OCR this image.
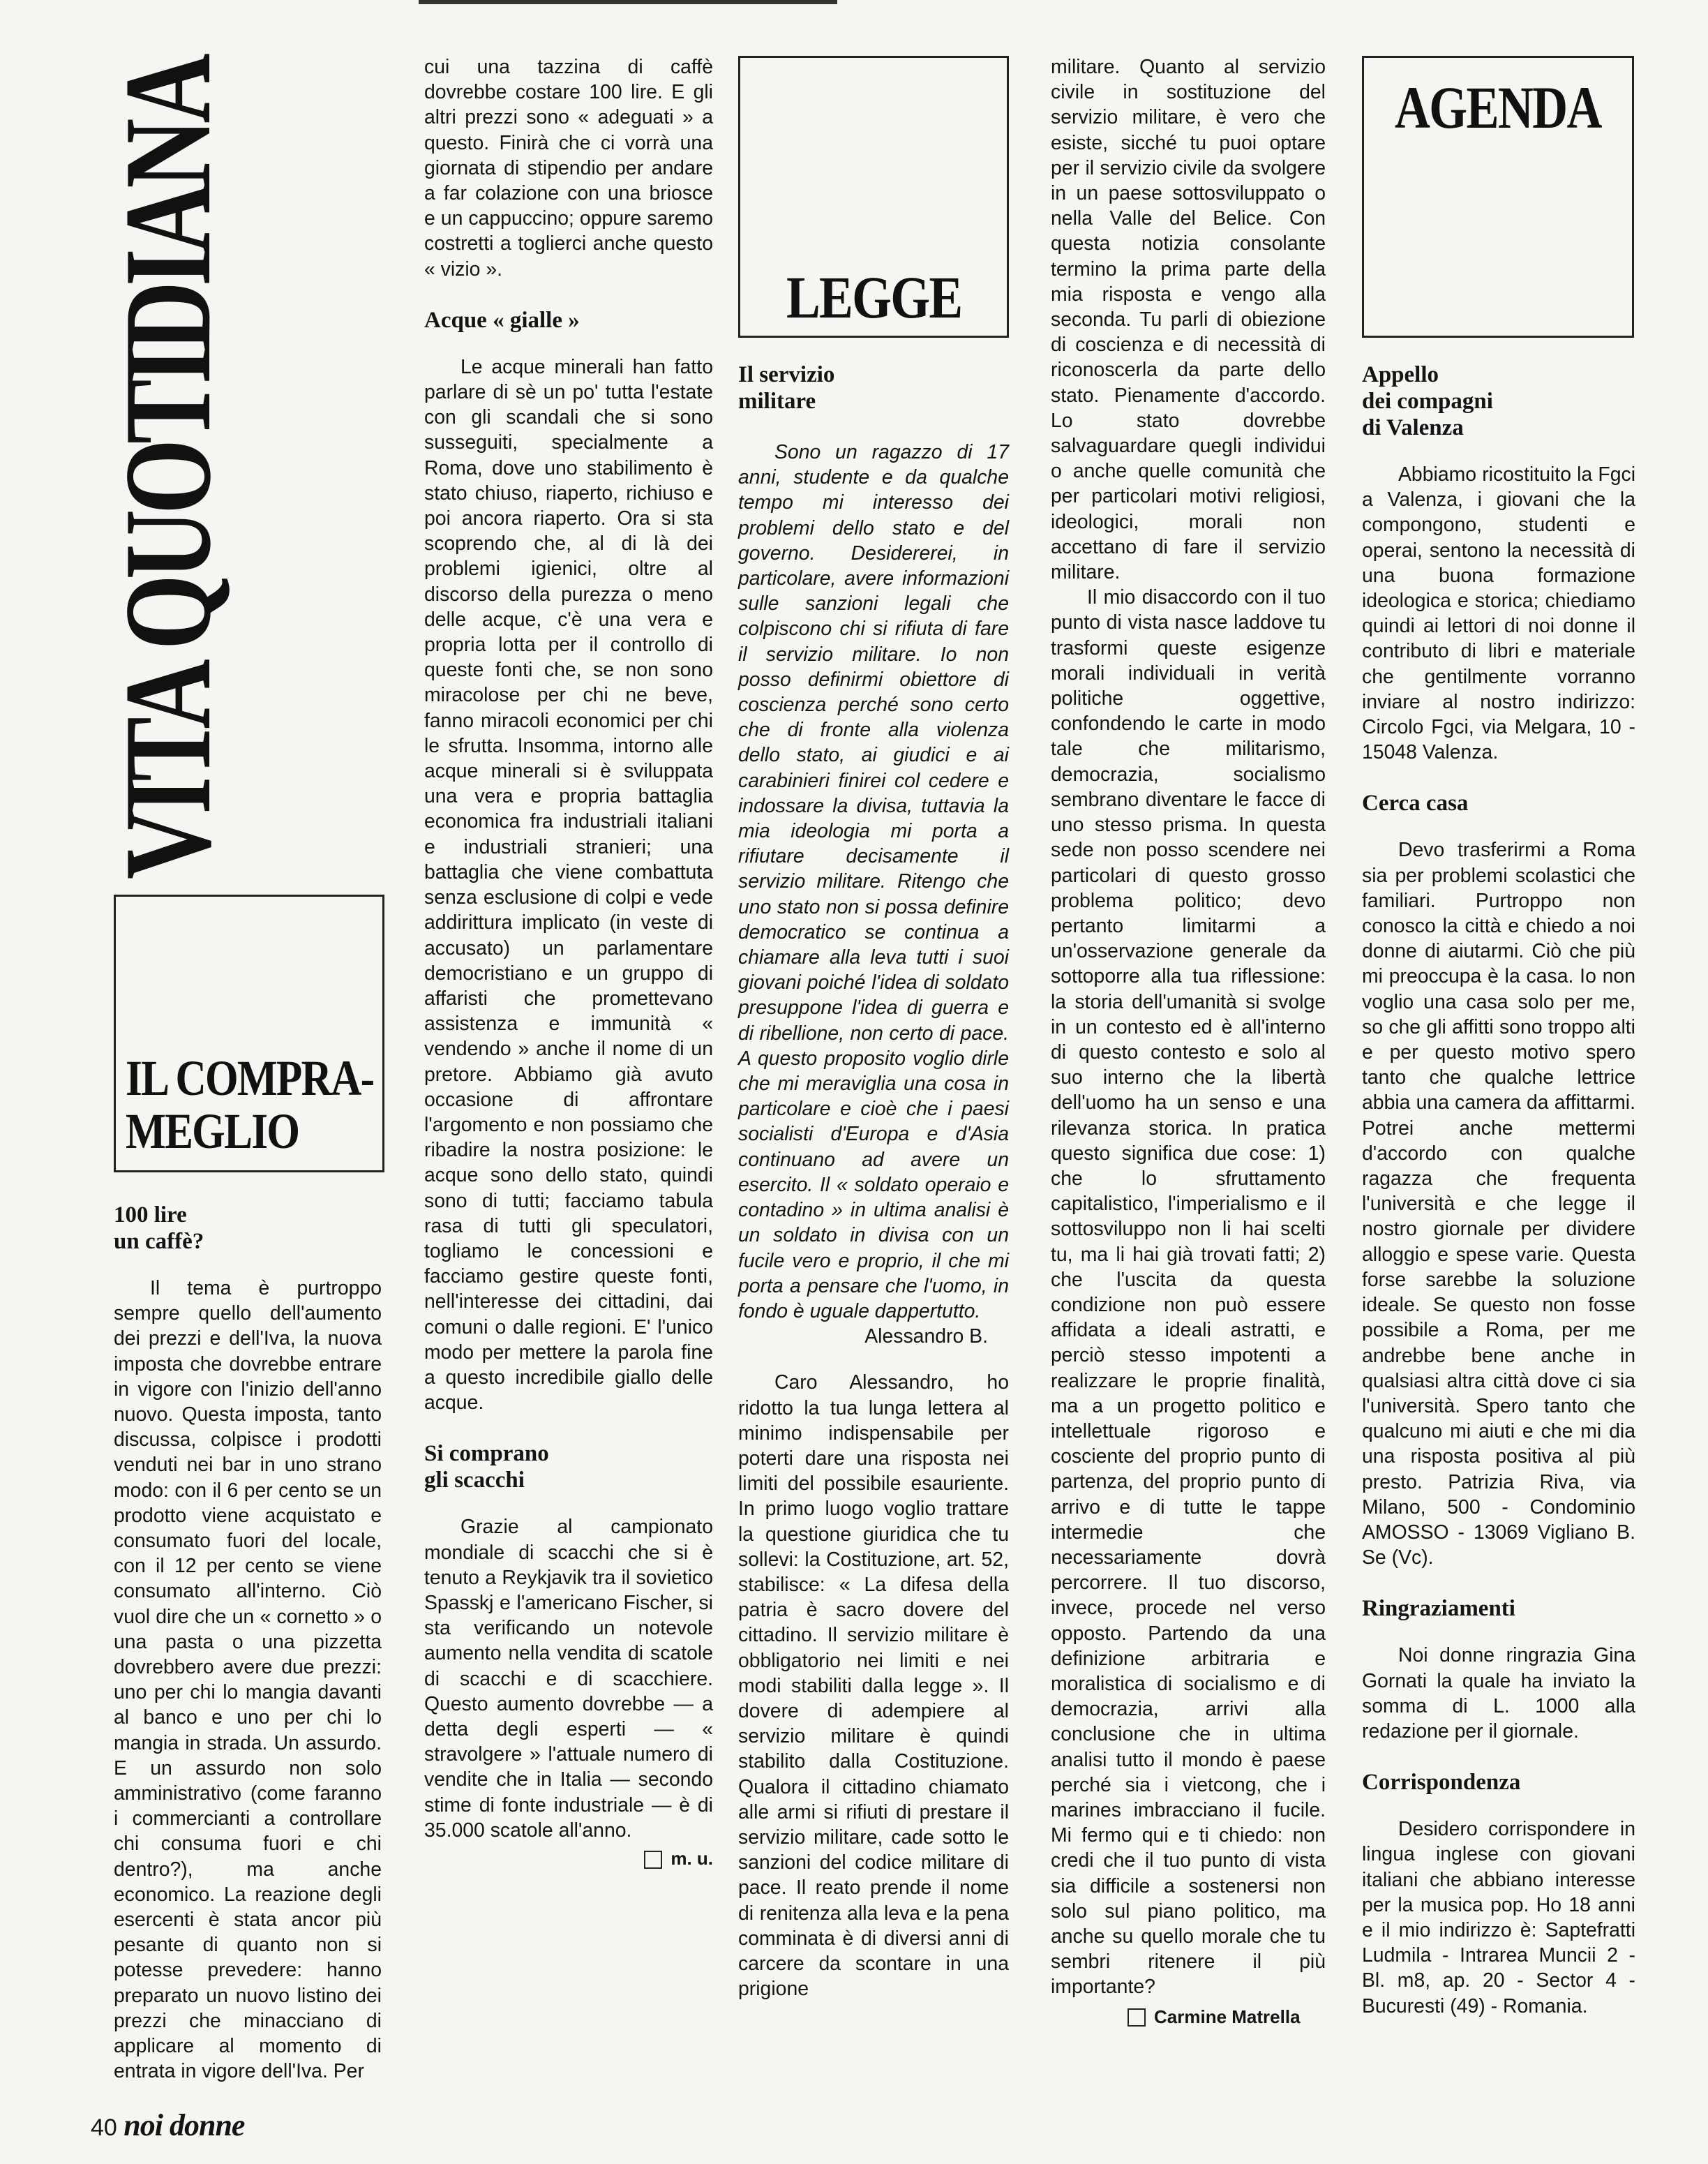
VITA QUOTIDIANA
IL COMPRA-
MEGLIO
100 lire
un caffè?

Il tema è purtroppo sempre quello dell'aumento dei prezzi e dell'Iva, la nuova imposta che dovrebbe entrare in vigore con l'inizio dell'anno nuovo. Questa imposta, tanto discussa, colpisce i prodotti venduti nei bar in uno strano modo: con il 6 per cento se un prodotto viene acquistato e consumato fuori del locale, con il 12 per cento se viene consumato all'interno. Ciò vuol dire che un « cornetto » o una pasta o una pizzetta dovrebbero avere due prezzi: uno per chi lo mangia davanti al banco e uno per chi lo mangia in strada. Un assurdo. E un assurdo non solo amministrativo (come faranno i commercianti a controllare chi consuma fuori e chi dentro?), ma anche economico. La reazione degli esercenti è stata ancor più pesante di quanto non si potesse prevedere: hanno preparato un nuovo listino dei prezzi che minacciano di applicare al momento di entrata in vigore dell'Iva. Per

cui una tazzina di caffè dovrebbe costare 100 lire. E gli altri prezzi sono « adeguati » a questo. Finirà che ci vorrà una giornata di stipendio per andare a far colazione con una briosce e un cappuccino; oppure saremo costretti a toglierci anche questo « vizio ».

Acque « gialle »

Le acque minerali han fatto parlare di sè un po' tutta l'estate con gli scandali che si sono susseguiti, specialmente a Roma, dove uno stabilimento è stato chiuso, riaperto, richiuso e poi ancora riaperto. Ora si sta scoprendo che, al di là dei problemi igienici, oltre al discorso della purezza o meno delle acque, c'è una vera e propria lotta per il controllo di queste fonti che, se non sono miracolose per chi ne beve, fanno miracoli economici per chi le sfrutta. Insomma, intorno alle acque minerali si è sviluppata una vera e propria battaglia economica fra industriali italiani e industriali stranieri; una battaglia che viene combattuta senza esclusione di colpi e vede addirittura implicato (in veste di accusato) un parlamentare democristiano e un gruppo di affaristi che promettevano assistenza e immunità « vendendo » anche il nome di un pretore. Abbiamo già avuto occasione di affrontare l'argomento e non possiamo che ribadire la nostra posizione: le acque sono dello stato, quindi sono di tutti; facciamo tabula rasa di tutti gli speculatori, togliamo le concessioni e facciamo gestire queste fonti, nell'interesse dei cittadini, dai comuni o dalle regioni. E' l'unico modo per mettere la parola fine a questo incredibile giallo delle acque.

Si comprano
gli scacchi

Grazie al campionato mondiale di scacchi che si è tenuto a Reykjavik tra il sovietico Spasskj e l'americano Fischer, si sta verificando un notevole aumento nella vendita di scatole di scacchi e di scacchiere. Questo aumento dovrebbe — a detta degli esperti — « stravolgere » l'attuale numero di vendite che in Italia — secondo stime di fonte industriale — è di 35.000 scatole all'anno.

m. u.

LEGGE
Il servizio
militare

Sono un ragazzo di 17 anni, studente e da qualche tempo mi interesso dei problemi dello stato e del governo. Desidererei, in particolare, avere informazioni sulle sanzioni legali che colpiscono chi si rifiuta di fare il servizio militare. Io non posso definirmi obiettore di coscienza perché sono certo che di fronte alla violenza dello stato, ai giudici e ai carabinieri finirei col cedere e indossare la divisa, tuttavia la mia ideologia mi porta a rifiutare decisamente il servizio militare. Ritengo che uno stato non si possa definire democratico se continua a chiamare alla leva tutti i suoi giovani poiché l'idea di soldato presuppone l'idea di guerra e di ribellione, non certo di pace. A questo proposito voglio dirle che mi meraviglia una cosa in particolare e cioè che i paesi socialisti d'Europa e d'Asia continuano ad avere un esercito. Il « soldato operaio e contadino » in ultima analisi è un soldato in divisa con un fucile vero e proprio, il che mi porta a pensare che l'uomo, in fondo è uguale dappertutto.

Alessandro B.

Caro Alessandro, ho ridotto la tua lunga lettera al minimo indispensabile per poterti dare una risposta nei limiti del possibile esauriente. In primo luogo voglio trattare la questione giuridica che tu sollevi: la Costituzione, art. 52, stabilisce: « La difesa della patria è sacro dovere del cittadino. Il servizio militare è obbligatorio nei limiti e nei modi stabiliti dalla legge ». Il dovere di adempiere al servizio militare è quindi stabilito dalla Costituzione. Qualora il cittadino chiamato alle armi si rifiuti di prestare il servizio militare, cade sotto le sanzioni del codice militare di pace. Il reato prende il nome di renitenza alla leva e la pena comminata è di diversi anni di carcere da scontare in una prigione

militare. Quanto al servizio civile in sostituzione del servizio militare, è vero che esiste, sicché tu puoi optare per il servizio civile da svolgere in un paese sottosviluppato o nella Valle del Belice. Con questa notizia consolante termino la prima parte della mia risposta e vengo alla seconda. Tu parli di obiezione di coscienza e di necessità di riconoscerla da parte dello stato. Pienamente d'accordo. Lo stato dovrebbe salvaguardare quegli individui o anche quelle comunità che per particolari motivi religiosi, ideologici, morali non accettano di fare il servizio militare.

Il mio disaccordo con il tuo punto di vista nasce laddove tu trasformi queste esigenze morali individuali in verità politiche oggettive, confondendo le carte in modo tale che militarismo, democrazia, socialismo sembrano diventare le facce di uno stesso prisma. In questa sede non posso scendere nei particolari di questo grosso problema politico; devo pertanto limitarmi a un'osservazione generale da sottoporre alla tua riflessione: la storia dell'umanità si svolge in un contesto ed è all'interno di questo contesto e solo al suo interno che la libertà dell'uomo ha un senso e una rilevanza storica. In pratica questo significa due cose: 1) che lo sfruttamento capitalistico, l'imperialismo e il sottosviluppo non li hai scelti tu, ma li hai già trovati fatti; 2) che l'uscita da questa condizione non può essere affidata a ideali astratti, e perciò stesso impotenti a realizzare le proprie finalità, ma a un progetto politico e intellettuale rigoroso e cosciente del proprio punto di partenza, del proprio punto di arrivo e di tutte le tappe intermedie che necessariamente dovrà percorrere. Il tuo discorso, invece, procede nel verso opposto. Partendo da una definizione arbitraria e moralistica di socialismo e di democrazia, arrivi alla conclusione che in ultima analisi tutto il mondo è paese perché sia i vietcong, che i marines imbracciano il fucile. Mi fermo qui e ti chiedo: non credi che il tuo punto di vista sia difficile a sostenersi non solo sul piano politico, ma anche su quello morale che tu sembri ritenere il più importante?

Carmine Matrella

AGENDA
Appello
dei compagni
di Valenza

Abbiamo ricostituito la Fgci a Valenza, i giovani che la compongono, studenti e operai, sentono la necessità di una buona formazione ideologica e storica; chiediamo quindi ai lettori di noi donne il contributo di libri e materiale che gentilmente vorranno inviare al nostro indirizzo: Circolo Fgci, via Melgara, 10 - 15048 Valenza.

Cerca casa

Devo trasferirmi a Roma sia per problemi scolastici che familiari. Purtroppo non conosco la città e chiedo a noi donne di aiutarmi. Ciò che più mi preoccupa è la casa. Io non voglio una casa solo per me, so che gli affitti sono troppo alti e per questo motivo spero tanto che qualche lettrice abbia una camera da affittarmi. Potrei anche mettermi d'accordo con qualche ragazza che frequenta l'università e che legge il nostro giornale per dividere alloggio e spese varie. Questa forse sarebbe la soluzione ideale. Se questo non fosse possibile a Roma, per me andrebbe bene anche in qualsiasi altra città dove ci sia l'università. Spero tanto che qualcuno mi aiuti e che mi dia una risposta positiva al più presto. Patrizia Riva, via Milano, 500 - Condominio AMOSSO - 13069 Vigliano B. Se (Vc).

Ringraziamenti

Noi donne ringrazia Gina Gornati la quale ha inviato la somma di L. 1000 alla redazione per il giornale.

Corrispondenza

Desidero corrispondere in lingua inglese con giovani italiani che abbiano interesse per la musica pop. Ho 18 anni e il mio indirizzo è: Saptefratti Ludmila - Intrarea Muncii 2 - Bl. m8, ap. 20 - Sector 4 - Bucuresti (49) - Romania.

40 noi donne
